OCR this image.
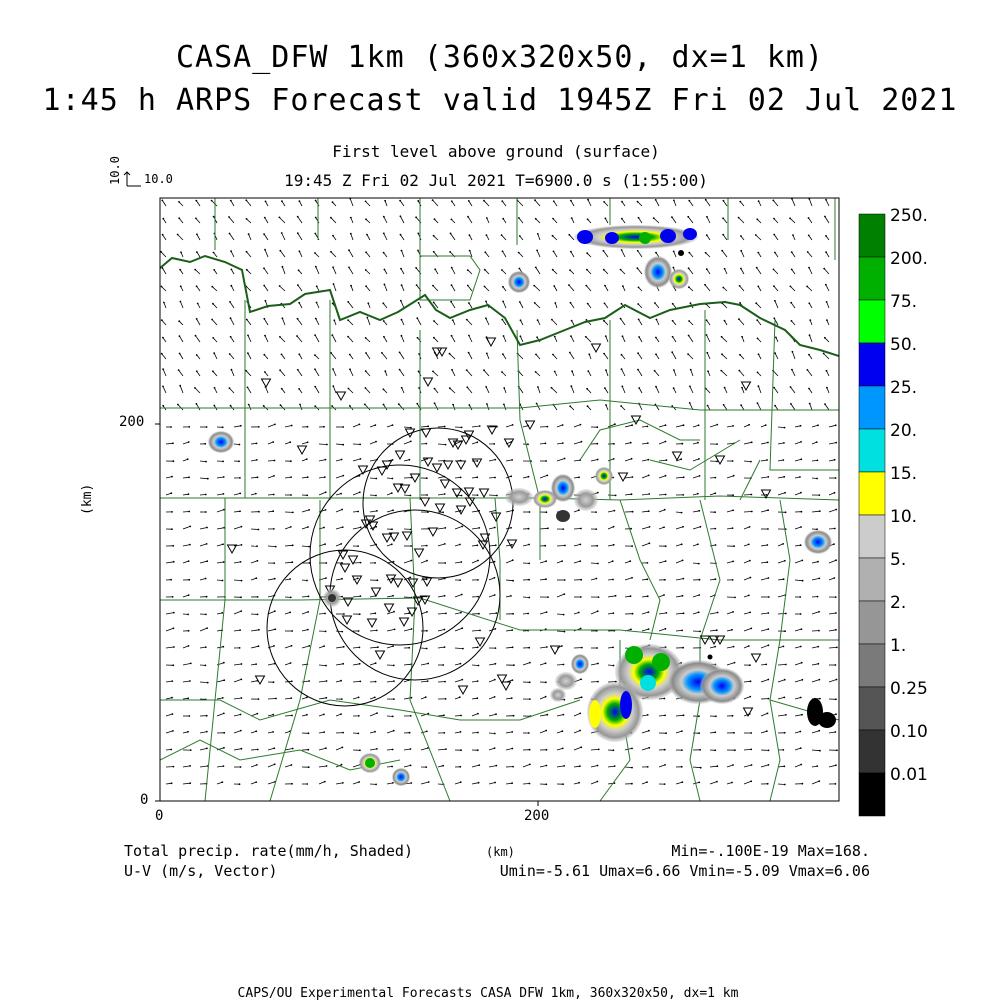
CASA_DFW 1km (360x320x50, dx=1 km)
1:45 h ARPS Forecast valid 1945Z Fri 02 Jul 2021
First level above ground (surface)
19:45 Z Fri 02 Jul 2021 T=6900.0 s (1:55:00)
10.0 10.0
200
0
0	200
(km)
Total precip. rate(mm/h, Shaded)
U-V (m/s, Vector)
(km)	Min=-.100E-19 Max=168.
Umin=-5.61 Umax=6.66 Vmin=-5.09 Vmax=6.06
CAPS/OU Experimental Forecasts CASA DFW 1km, 360x320x50, dx=1 km
250.
200.
75.
50.
25.
20.
15.
10.
5.
2.
1.
0.25
0.10
0.01
